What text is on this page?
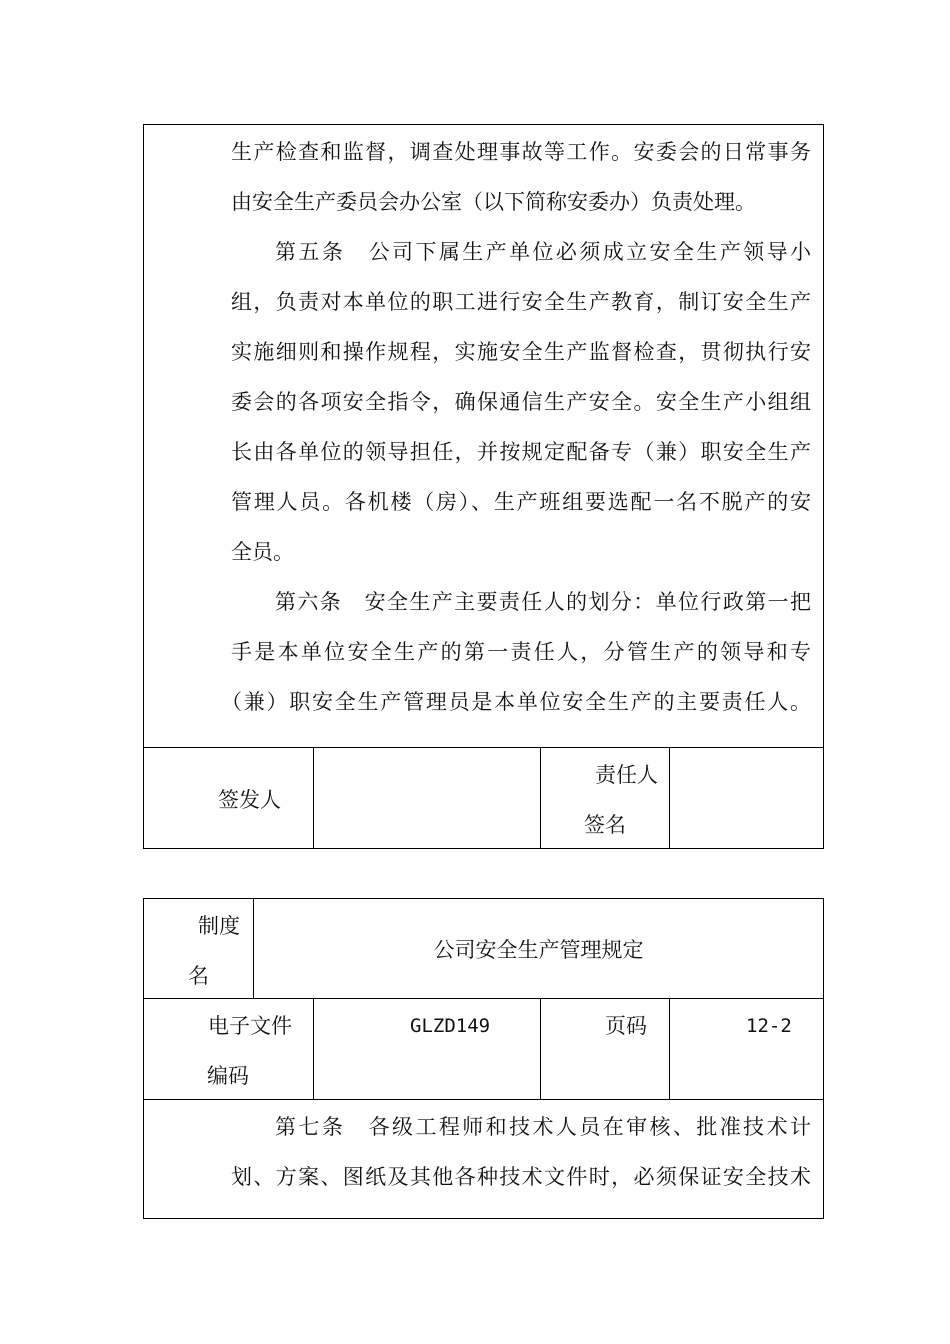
生产检查和监督，调查处理事故等工作。安委会的日常事务
由安全生产委员会办公室（以下简称安委办）负责处理。
第五条　公司下属生产单位必须成立安全生产领导小
组，负责对本单位的职工进行安全生产教育，制订安全生产
实施细则和操作规程，实施安全生产监督检查，贯彻执行安
委会的各项安全指令，确保通信生产安全。安全生产小组组
长由各单位的领导担任，并按规定配备专（兼）职安全生产
管理人员。各机楼（房）、生产班组要选配一名不脱产的安
全员。
第六条　安全生产主要责任人的划分：单位行政第一把
手是本单位安全生产的第一责任人，分管生产的领导和专
（兼）职安全生产管理员是本单位安全生产的主要责任人。
签发人
责任人
签名
制度
名
公司安全生产管理规定
电子文件
编码
GLZD149	页码	12-2
第七条　各级工程师和技术人员在审核、批准技术计
划、方案、图纸及其他各种技术文件时，必须保证安全技术
